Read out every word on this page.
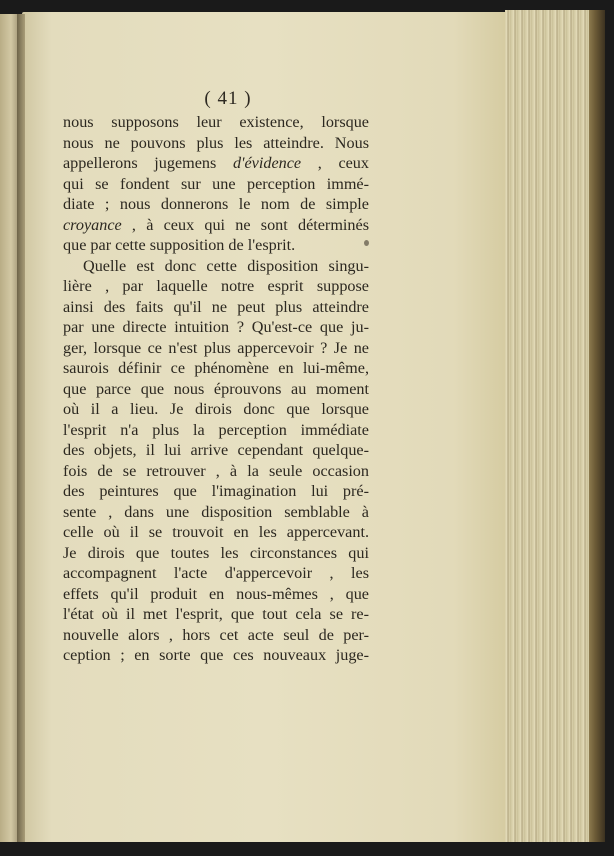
( 41 )
nous supposons leur existence, lorsque
nous ne pouvons plus les atteindre. Nous
appellerons jugemens d'évidence , ceux
qui se fondent sur une perception immé-
diate ; nous donnerons le nom de simple
croyance , à ceux qui ne sont déterminés
que par cette supposition de l'esprit.
Quelle est donc cette disposition singu-
lière , par laquelle notre esprit suppose
ainsi des faits qu'il ne peut plus atteindre
par une directe intuition ? Qu'est-ce que ju-
ger, lorsque ce n'est plus appercevoir ? Je ne
saurois définir ce phénomène en lui-même,
que parce que nous éprouvons au moment
où il a lieu. Je dirois donc que lorsque
l'esprit n'a plus la perception immédiate
des objets, il lui arrive cependant quelque-
fois de se retrouver , à la seule occasion
des peintures que l'imagination lui pré-
sente , dans une disposition semblable à
celle où il se trouvoit en les appercevant.
Je dirois que toutes les circonstances qui
accompagnent l'acte d'appercevoir , les
effets qu'il produit en nous-mêmes , que
l'état où il met l'esprit, que tout cela se re-
nouvelle alors , hors cet acte seul de per-
ception ; en sorte que ces nouveaux juge-
